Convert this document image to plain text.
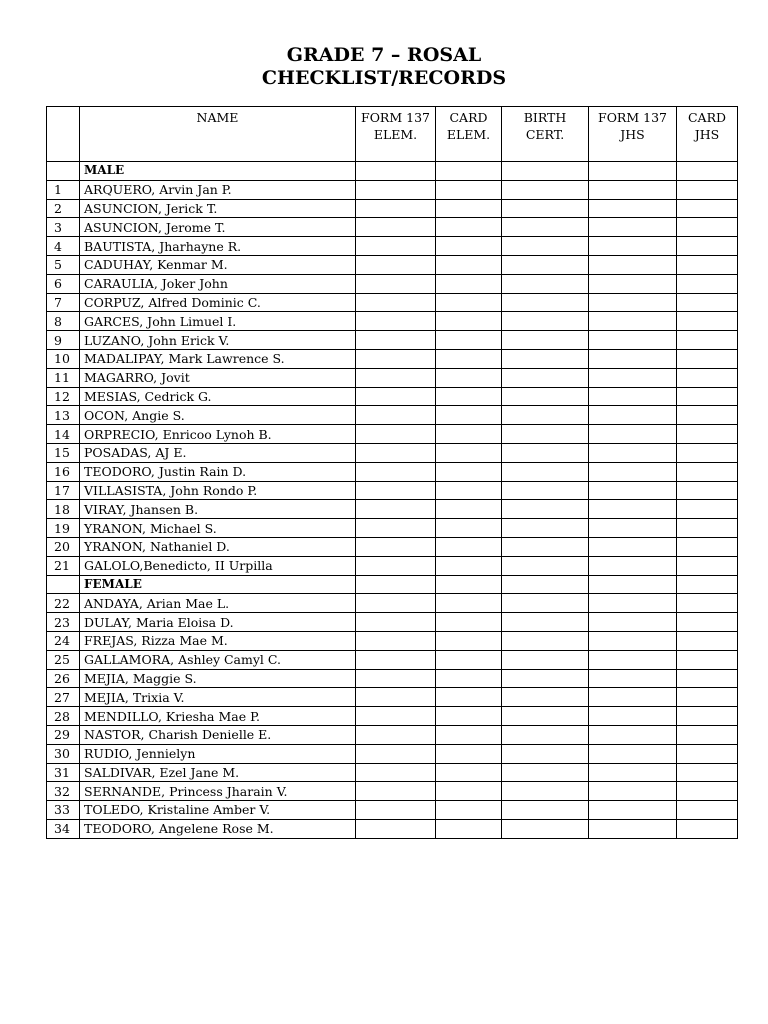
GRADE 7 – ROSAL
CHECKLIST/RECORDS
	NAME	FORM 137 ELEM.	CARD ELEM.	BIRTH CERT.	FORM 137 JHS	CARD JHS
	MALE					
1	ARQUERO, Arvin Jan P.					
2	ASUNCION, Jerick T.					
3	ASUNCION, Jerome T.					
4	BAUTISTA, Jharhayne R.					
5	CADUHAY, Kenmar M.					
6	CARAULIA, Joker John					
7	CORPUZ, Alfred Dominic C.					
8	GARCES, John Limuel I.					
9	LUZANO, John Erick V.					
10	MADALIPAY, Mark Lawrence S.					
11	MAGARRO, Jovit					
12	MESIAS, Cedrick G.					
13	OCON, Angie S.					
14	ORPRECIO, Enricoo Lynoh B.					
15	POSADAS, AJ E.					
16	TEODORO, Justin Rain D.					
17	VILLASISTA, John Rondo P.					
18	VIRAY, Jhansen B.					
19	YRANON, Michael S.					
20	YRANON, Nathaniel D.					
21	GALOLO,Benedicto, II Urpilla					
	FEMALE					
22	ANDAYA, Arian Mae L.					
23	DULAY, Maria Eloisa D.					
24	FREJAS, Rizza Mae M.					
25	GALLAMORA, Ashley Camyl C.					
26	MEJIA, Maggie S.					
27	MEJIA, Trixia V.					
28	MENDILLO, Kriesha Mae P.					
29	NASTOR, Charish Denielle E.					
30	RUDIO, Jennielyn					
31	SALDIVAR, Ezel Jane M.					
32	SERNANDE, Princess Jharain V.					
33	TOLEDO, Kristaline Amber V.					
34	TEODORO, Angelene Rose M.					
